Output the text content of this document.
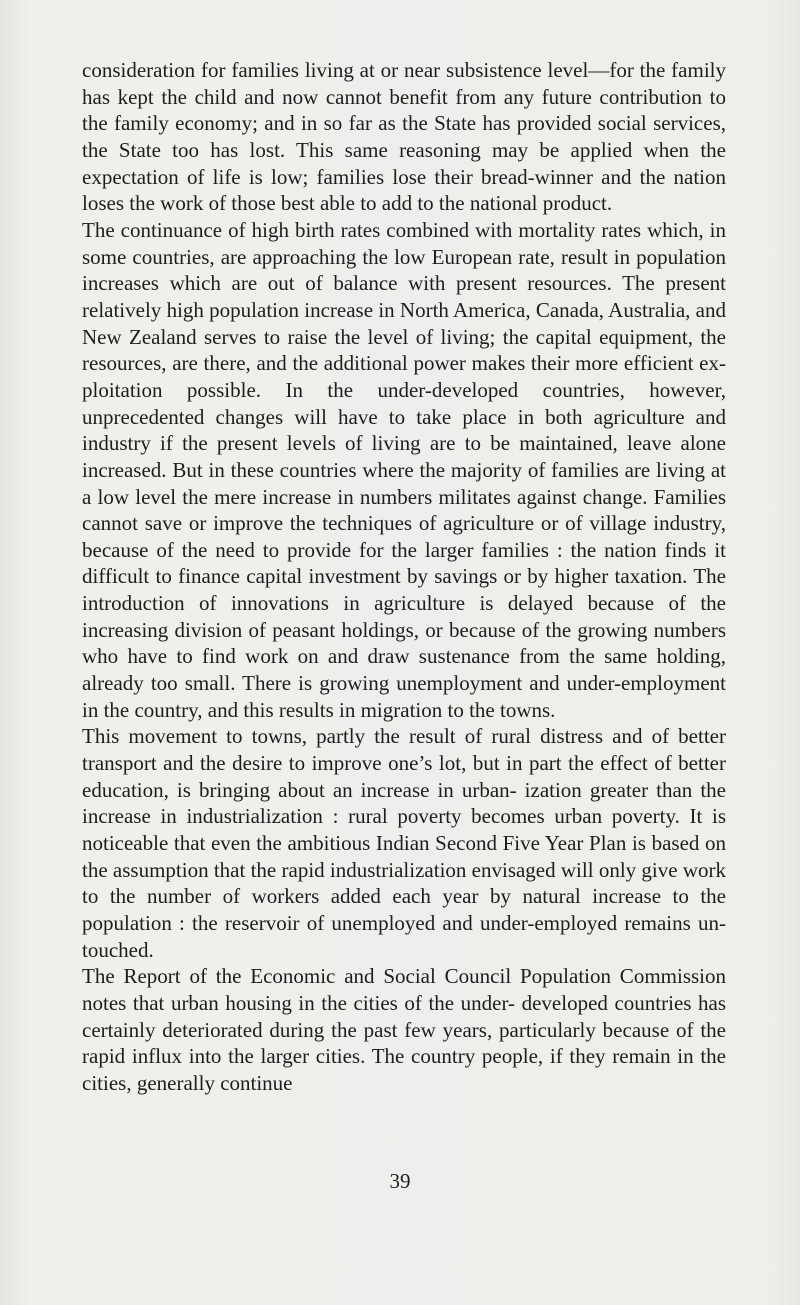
consideration for families living at or near subsistence level—for the family has kept the child and now cannot benefit from any future contribution to the family economy; and in so far as the State has provided social services, the State too has lost. This same reasoning may be applied when the expectation of life is low; families lose their bread-winner and the nation loses the work of those best able to add to the national product.

The continuance of high birth rates combined with mortality rates which, in some countries, are approaching the low European rate, result in population increases which are out of balance with present resources. The present relatively high population increase in North America, Canada, Australia, and New Zealand serves to raise the level of living; the capital equipment, the resources, are there, and the additional power makes their more efficient ex- ploitation possible. In the under-developed countries, however, unprecedented changes will have to take place in both agriculture and industry if the present levels of living are to be maintained, leave alone increased. But in these countries where the majority of families are living at a low level the mere increase in numbers militates against change. Families cannot save or improve the techniques of agriculture or of village industry, because of the need to provide for the larger families : the nation finds it difficult to finance capital investment by savings or by higher taxation. The introduction of innovations in agriculture is delayed because of the increasing division of peasant holdings, or because of the growing numbers who have to find work on and draw sustenance from the same holding, already too small. There is growing unemployment and under-employment in the country, and this results in migration to the towns.

This movement to towns, partly the result of rural distress and of better transport and the desire to improve one’s lot, but in part the effect of better education, is bringing about an increase in urban- ization greater than the increase in industrialization : rural poverty becomes urban poverty. It is noticeable that even the ambitious Indian Second Five Year Plan is based on the assumption that the rapid industrialization envisaged will only give work to the number of workers added each year by natural increase to the population : the reservoir of unemployed and under-employed remains un- touched.

The Report of the Economic and Social Council Population Commission notes that urban housing in the cities of the under- developed countries has certainly deteriorated during the past few years, particularly because of the rapid influx into the larger cities. The country people, if they remain in the cities, generally continue

39
